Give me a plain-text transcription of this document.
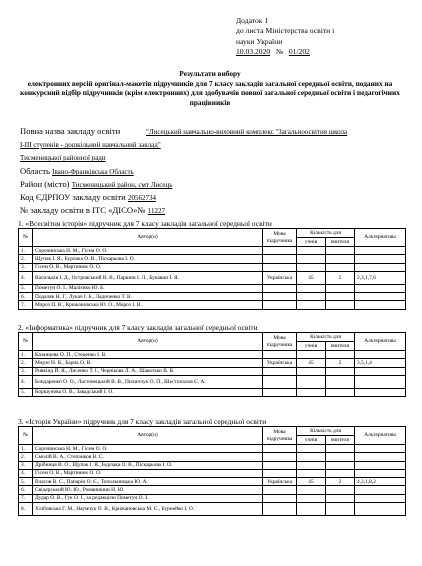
Додаток 1
до листа Міністерства освіти і
науки України
10.03.2020 № 01/202
Результати вибору
електронних версій оригінал-макетів підручників для 7 класу закладів загальної середньої освіти, поданих на конкурсний відбір підручників (крім електронних) для здобувачів повної загальної середньої освіти і педагогічних працівників
Повна назва закладу освіти	"Лисецький навчально-виховний комплекс "Загальноосвітня школа
І-ІІІ ступенів - дошкільний навчальний заклад"
Тисменицької районної ради
Область Івано-Франківська Область
Район (місто) Тисменицький район, смт Лисець
Код ЄДРПОУ закладу освіти 20562734
№ закладу освіти в ІТС «ДІСО»№ 11227
1. «Всесвітня історія» підручник для 7 класу закладів загальної середньої освіти
№	Автор(и)	Мова підручника	Кількість для		Альтернатива
			учнів	вчителя	
1.	Сорочинська Н. М., Гісем О. О.				
2.	Щупак І. Я., Бурлака О. В., Піскарьова І. О.				
3.	Гісем О. В., Мартинюк О. О.				
4.	Васильків І. Д., Островський В. В., Паршин І. Л., Букавин І. Я.	Українська	45	2	2,3,1,7,6
5.	Пометун О. І., Малієнко Ю. Б.				
6.	Подаляк Н. Г., Лукач І. Б., Ладиченко Т. В.				
7.	Мороз П. В., Крижановська Ю. О., Мороз І. В.				
2. «Інформатика» підручник для 7 класу закладів загальної середньої освіти
№	Автор(и)	Мова підручника	Кількість для		Альтернатива
			учнів	вчителя	
1.	Казанцева О. П., Стеценко І. В.				
2.	Морзе Н. В., Барна О. В.	Українська	45	2	3,5,1,4
3.	Ривкінд Й. Я., Лисенко Т. І., Чернікова Л. А., Шакотько В. В.				
4.	Бондаренко О. О., Ластовецький В. В., Пилипчук О. П., Шестопалов Є. А.				
5.	Коршунова О. В., Завадський І. О.				
3. «Історія України» підручник для 7 класу закладів загальної середньої освіти
№	Автор(и)	Мова підручника	Кількість для		Альтернатива
			учнів	вчителя	
1.	Сорочинська Н. М., Гісем О. О.				
2.	Смолій В. А., Степанков В. С.				
3.	Дрібниця В. О., Щупак І. Я., Бурлака О. В., Піскарьова І. О.				
4.	Гісем О. В., Мартинюк О. О.				
5.	Власов В. С., Панарін О. Є., Топольницька Ю. А.	Українська	45	2	4,3,1,8,2
6.	Свідерський Ю. Ю., Романишин Н. Ю.				
7.	Дудар О. В., Гук О. І., за редакцією Пометун О. І.				
8.	Хлібовська Г. М., Наумчук О. В., Крижановська М. Є., Бурнейко І. О.				
